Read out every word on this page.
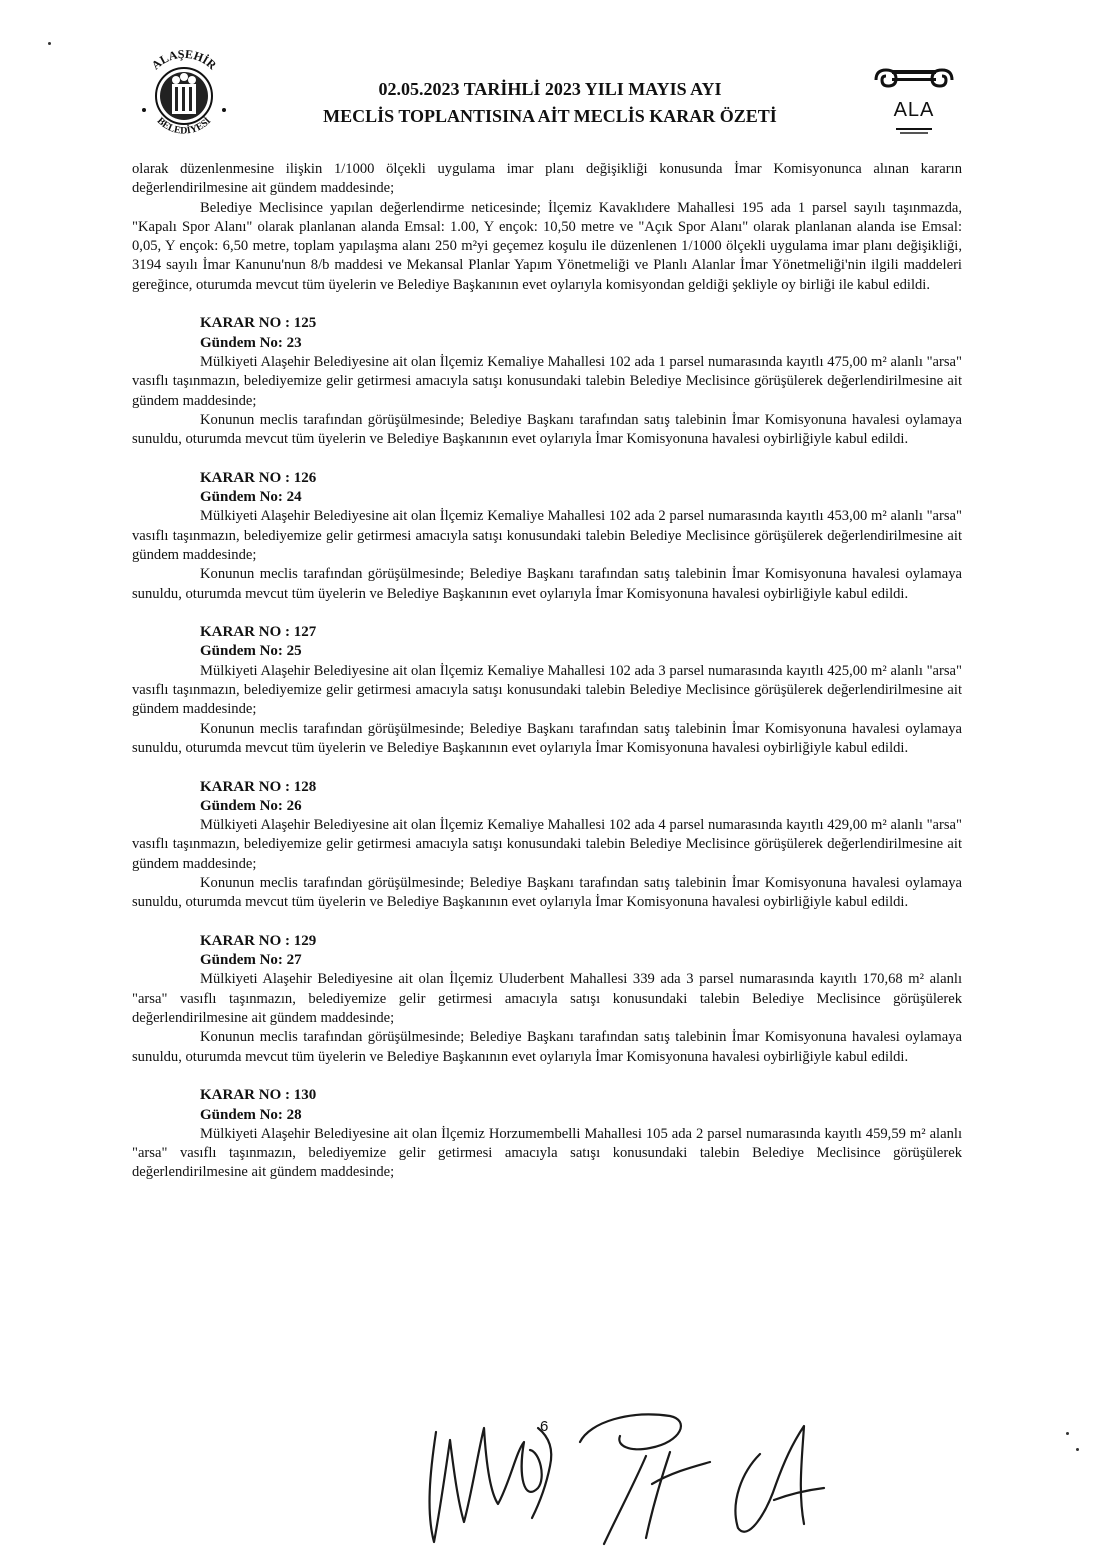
ALAŞEHİR
BELEDİYESİ
02.05.2023 TARİHLİ 2023 YILI MAYIS AYI
MECLİS TOPLANTISINA AİT MECLİS KARAR ÖZETİ	ALA

olarak düzenlenmesine ilişkin 1/1000 ölçekli uygulama imar planı değişikliği konusunda İmar Komisyonunca alınan kararın değerlendirilmesine ait gündem maddesinde;

Belediye Meclisince yapılan değerlendirme neticesinde; İlçemiz Kavaklıdere Mahallesi 195 ada 1 parsel sayılı taşınmazda, "Kapalı Spor Alanı" olarak planlanan alanda Emsal: 1.00, Y ençok: 10,50 metre ve "Açık Spor Alanı" olarak planlanan alanda ise Emsal: 0,05, Y ençok: 6,50 metre, toplam yapılaşma alanı 250 m²yi geçemez koşulu ile düzenlenen 1/1000 ölçekli uygulama imar planı değişikliği, 3194 sayılı İmar Kanunu'nun 8/b maddesi ve Mekansal Planlar Yapım Yönetmeliği ve Planlı Alanlar İmar Yönetmeliği'nin ilgili maddeleri gereğince, oturumda mevcut tüm üyelerin ve Belediye Başkanının evet oylarıyla komisyondan geldiği şekliyle oy birliği ile kabul edildi.

KARAR NO : 125
Gündem No: 23

Mülkiyeti Alaşehir Belediyesine ait olan İlçemiz Kemaliye Mahallesi 102 ada 1 parsel numarasında kayıtlı 475,00 m² alanlı "arsa" vasıflı taşınmazın, belediyemize gelir getirmesi amacıyla satışı konusundaki talebin Belediye Meclisince görüşülerek değerlendirilmesine ait gündem maddesinde;

Konunun meclis tarafından görüşülmesinde; Belediye Başkanı tarafından satış talebinin İmar Komisyonuna havalesi oylamaya sunuldu, oturumda mevcut tüm üyelerin ve Belediye Başkanının evet oylarıyla İmar Komisyonuna havalesi oybirliğiyle kabul edildi.

KARAR NO : 126
Gündem No: 24

Mülkiyeti Alaşehir Belediyesine ait olan İlçemiz Kemaliye Mahallesi 102 ada 2 parsel numarasında kayıtlı 453,00 m² alanlı "arsa" vasıflı taşınmazın, belediyemize gelir getirmesi amacıyla satışı konusundaki talebin Belediye Meclisince görüşülerek değerlendirilmesine ait gündem maddesinde;

Konunun meclis tarafından görüşülmesinde; Belediye Başkanı tarafından satış talebinin İmar Komisyonuna havalesi oylamaya sunuldu, oturumda mevcut tüm üyelerin ve Belediye Başkanının evet oylarıyla İmar Komisyonuna havalesi oybirliğiyle kabul edildi.

KARAR NO : 127
Gündem No: 25

Mülkiyeti Alaşehir Belediyesine ait olan İlçemiz Kemaliye Mahallesi 102 ada 3 parsel numarasında kayıtlı 425,00 m² alanlı "arsa" vasıflı taşınmazın, belediyemize gelir getirmesi amacıyla satışı konusundaki talebin Belediye Meclisince görüşülerek değerlendirilmesine ait gündem maddesinde;

Konunun meclis tarafından görüşülmesinde; Belediye Başkanı tarafından satış talebinin İmar Komisyonuna havalesi oylamaya sunuldu, oturumda mevcut tüm üyelerin ve Belediye Başkanının evet oylarıyla İmar Komisyonuna havalesi oybirliğiyle kabul edildi.

KARAR NO : 128
Gündem No: 26

Mülkiyeti Alaşehir Belediyesine ait olan İlçemiz Kemaliye Mahallesi 102 ada 4 parsel numarasında kayıtlı 429,00 m² alanlı "arsa" vasıflı taşınmazın, belediyemize gelir getirmesi amacıyla satışı konusundaki talebin Belediye Meclisince görüşülerek değerlendirilmesine ait gündem maddesinde;

Konunun meclis tarafından görüşülmesinde; Belediye Başkanı tarafından satış talebinin İmar Komisyonuna havalesi oylamaya sunuldu, oturumda mevcut tüm üyelerin ve Belediye Başkanının evet oylarıyla İmar Komisyonuna havalesi oybirliğiyle kabul edildi.

KARAR NO : 129
Gündem No: 27

Mülkiyeti Alaşehir Belediyesine ait olan İlçemiz Uluderbent Mahallesi 339 ada 3 parsel numarasında kayıtlı 170,68 m² alanlı "arsa" vasıflı taşınmazın, belediyemize gelir getirmesi amacıyla satışı konusundaki talebin Belediye Meclisince görüşülerek değerlendirilmesine ait gündem maddesinde;

Konunun meclis tarafından görüşülmesinde; Belediye Başkanı tarafından satış talebinin İmar Komisyonuna havalesi oylamaya sunuldu, oturumda mevcut tüm üyelerin ve Belediye Başkanının evet oylarıyla İmar Komisyonuna havalesi oybirliğiyle kabul edildi.

KARAR NO : 130
Gündem No: 28

Mülkiyeti Alaşehir Belediyesine ait olan İlçemiz Horzumembelli Mahallesi 105 ada 2 parsel numarasında kayıtlı 459,59 m² alanlı "arsa" vasıflı taşınmazın, belediyemize gelir getirmesi amacıyla satışı konusundaki talebin Belediye Meclisince görüşülerek değerlendirilmesine ait gündem maddesinde;

6
